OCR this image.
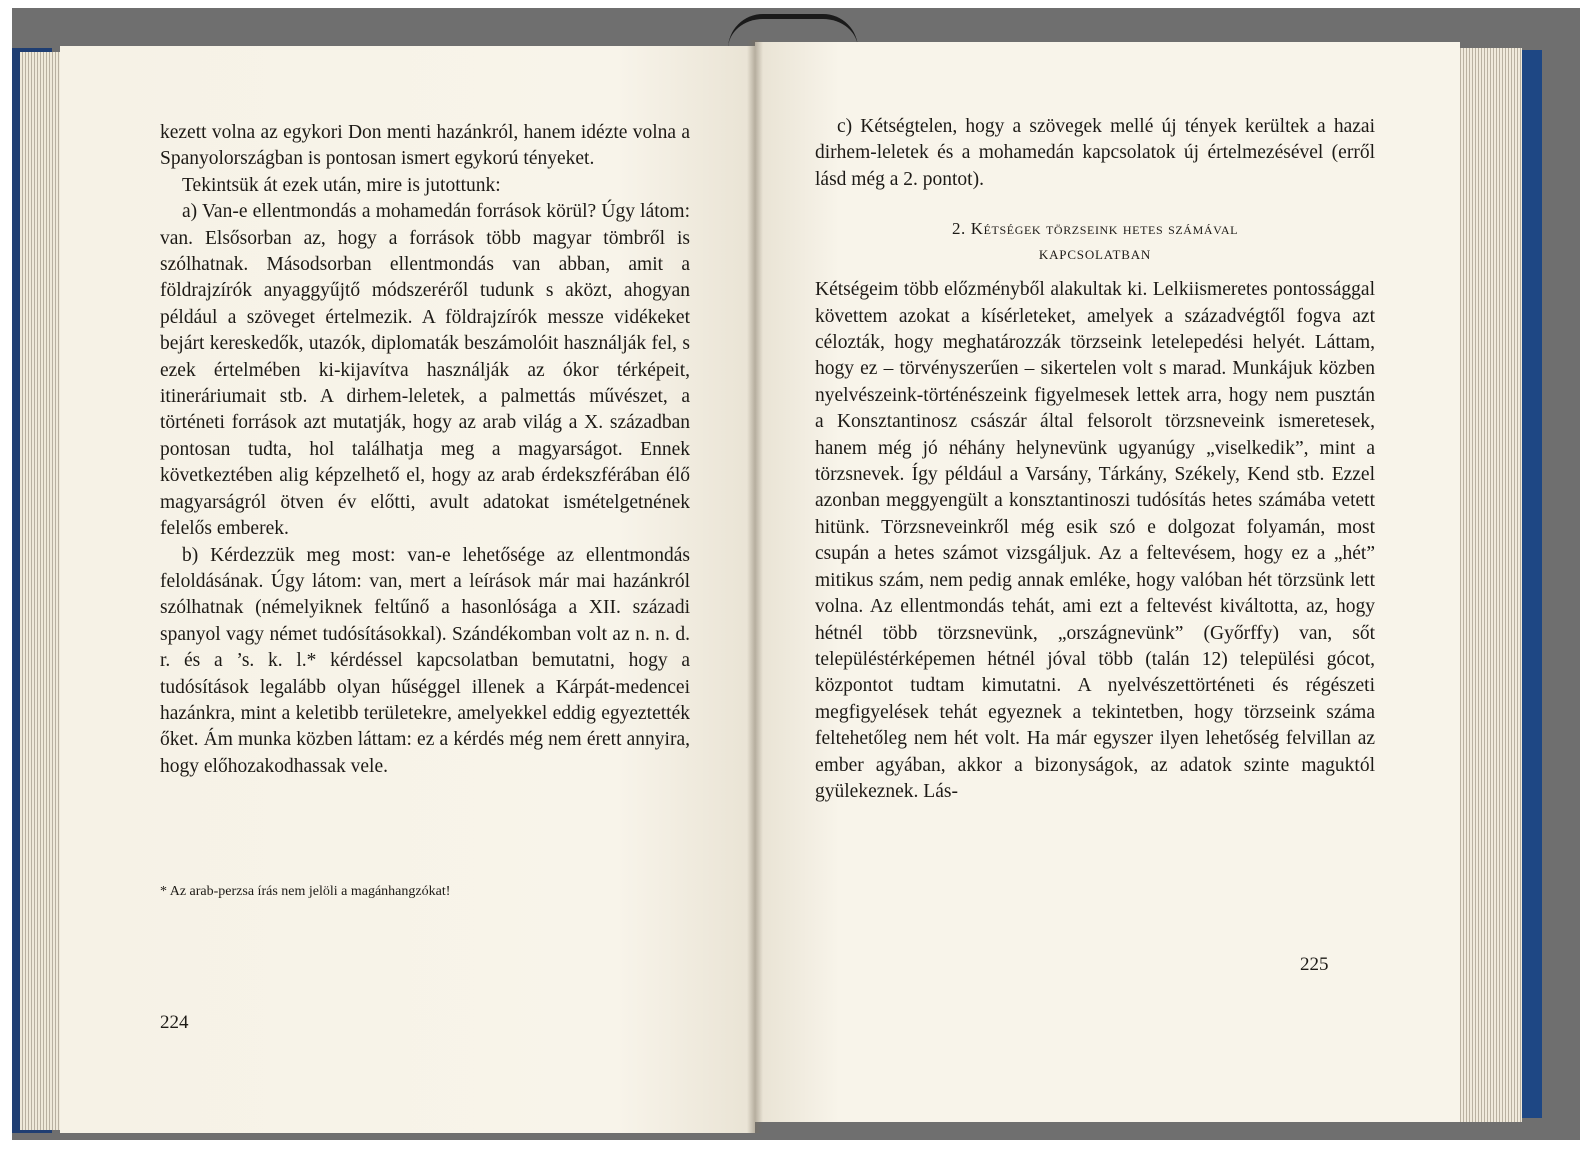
kezett volna az egykori Don menti hazánkról, hanem idézte volna a Spanyolországban is pontosan ismert egykorú tényeket.

Tekintsük át ezek után, mire is jutottunk:

a) Van-e ellentmondás a mohamedán források körül? Úgy látom: van. Elsősorban az, hogy a források több magyar tömbről is szólhatnak. Másodsorban ellentmondás van abban, amit a földrajzírók anyaggyűjtő módszeréről tudunk s aközt, ahogyan például a szöveget értelmezik. A földrajzírók messze vidékeket bejárt kereskedők, utazók, diplomaták beszámolóit használják fel, s ezek értelmében ki-kijavítva használják az ókor térképeit, itineráriumait stb. A dirhem-leletek, a palmettás művészet, a történeti források azt mutatják, hogy az arab világ a X. században pontosan tudta, hol találhatja meg a magyarságot. Ennek következtében alig képzelhető el, hogy az arab érdekszférában élő magyarságról ötven év előtti, avult adatokat ismételgetnének felelős emberek.

b) Kérdezzük meg most: van-e lehetősége az ellentmondás feloldásának. Úgy látom: van, mert a leírások már mai hazánkról szólhatnak (némelyiknek feltűnő a hasonlósága a XII. századi spanyol vagy német tudósításokkal). Szándékomban volt az n. n. d. r. és a ’s. k. l.* kérdéssel kapcsolatban bemutatni, hogy a tudósítások legalább olyan hűséggel illenek a Kárpát-medencei hazánkra, mint a keletibb területekre, amelyekkel eddig egyeztették őket. Ám munka közben láttam: ez a kérdés még nem érett annyira, hogy előhozakodhassak vele.

* Az arab-perzsa írás nem jelöli a magánhangzókat!
224

c) Kétségtelen, hogy a szövegek mellé új tények kerültek a hazai dirhem-leletek és a mohamedán kapcsolatok új értelmezésével (erről lásd még a 2. pontot).

2. Kétségek törzseink hetes számával
KAPCSOLATBAN

Kétségeim több előzményből alakultak ki. Lelkiismeretes pontossággal követtem azokat a kísérleteket, amelyek a századvégtől fogva azt célozták, hogy meghatározzák törzseink letelepedési helyét. Láttam, hogy ez – törvényszerűen – sikertelen volt s marad. Munkájuk közben nyelvészeink-történészeink figyelmesek lettek arra, hogy nem pusztán a Konsztantinosz császár által felsorolt törzsneveink ismeretesek, hanem még jó néhány helynevünk ugyanúgy „viselkedik”, mint a törzsnevek. Így például a Varsány, Tárkány, Székely, Kend stb. Ezzel azonban meggyengült a konsztantinoszi tudósítás hetes számába vetett hitünk. Törzsneveinkről még esik szó e dolgozat folyamán, most csupán a hetes számot vizsgáljuk. Az a feltevésem, hogy ez a „hét” mitikus szám, nem pedig annak emléke, hogy valóban hét törzsünk lett volna. Az ellentmondás tehát, ami ezt a feltevést kiváltotta, az, hogy hétnél több törzsnevünk, „országnevünk” (Győrffy) van, sőt településtérképemen hétnél jóval több (talán 12) települési gócot, központot tudtam kimutatni. A nyelvészettörténeti és régészeti megfigyelések tehát egyeznek a tekintetben, hogy törzseink száma feltehetőleg nem hét volt. Ha már egyszer ilyen lehetőség felvillan az ember agyában, akkor a bizonyságok, az adatok szinte maguktól gyülekeznek. Lás-

225
